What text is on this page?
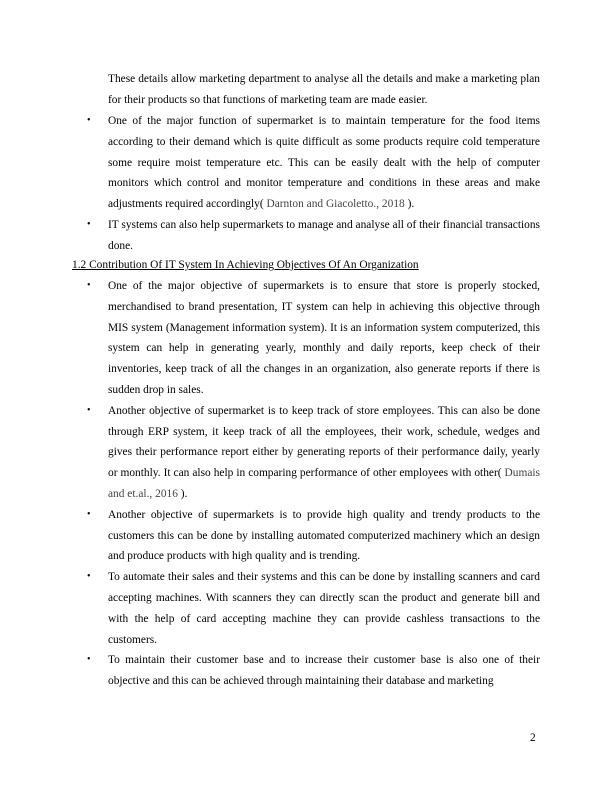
These details allow marketing department to analyse all the details and make a marketing plan for their products so that functions of marketing team are made easier.
• One of the major function of supermarket is to maintain temperature for the food items according to their demand which is quite difficult as some products require cold temperature some require moist temperature etc. This can be easily dealt with the help of computer monitors which control and monitor temperature and conditions in these areas and make adjustments required accordingly( Darnton and Giacoletto., 2018 ).
• IT systems can also help supermarkets to manage and analyse all of their financial transactions done.
1.2 Contribution Of IT System In Achieving Objectives Of An Organization
• One of the major objective of supermarkets is to ensure that store is properly stocked, merchandised to brand presentation, IT system can help in achieving this objective through MIS system (Management information system). It is an information system computerized, this system can help in generating yearly, monthly and daily reports, keep check of their inventories, keep track of all the changes in an organization, also generate reports if there is sudden drop in sales.
• Another objective of supermarket is to keep track of store employees. This can also be done through ERP system, it keep track of all the employees, their work, schedule, wedges and gives their performance report either by generating reports of their performance daily, yearly or monthly. It can also help in comparing performance of other employees with other( Dumais and et.al., 2016 ).
• Another objective of supermarkets is to provide high quality and trendy products to the customers this can be done by installing automated computerized machinery which an design and produce products with high quality and is trending.
• To automate their sales and their systems and this can be done by installing scanners and card accepting machines. With scanners they can directly scan the product and generate bill and with the help of card accepting machine they can provide cashless transactions to the customers.
• To maintain their customer base and to increase their customer base is also one of their objective and this can be achieved through maintaining their database and marketing
2
